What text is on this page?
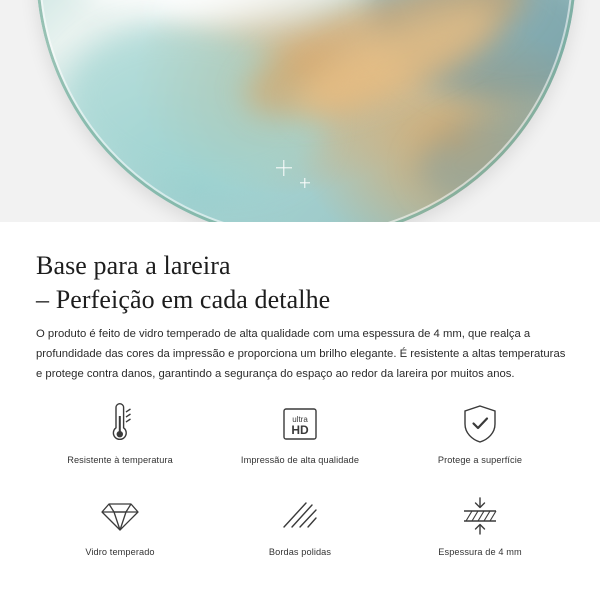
Base para a lareira
– Perfeição em cada detalhe

O produto é feito de vidro temperado de alta qualidade com uma espessura de 4 mm, que realça a profundidade das cores da impressão e proporciona um brilho elegante. É resistente a altas temperaturas e protege contra danos, garantindo a segurança do espaço ao redor da lareira por muitos anos.

Resistente à temperatura
ultra
HD
Impressão de alta qualidade	Protege a superfície
Vidro temperado	Bordas polidas	Espessura de 4 mm
